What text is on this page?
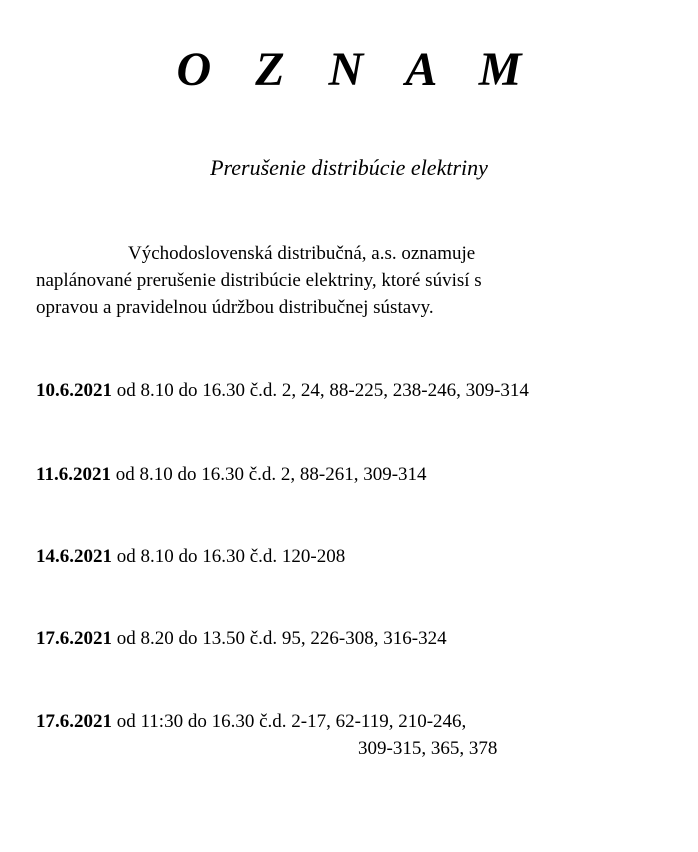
O Z N A M
Prerušenie distribúcie elektriny
Východoslovenská distribučná, a.s. oznamuje
naplánované prerušenie distribúcie elektriny, ktoré súvisí s
opravou a pravidelnou údržbou distribučnej sústavy.
10.6.2021 od 8.10 do 16.30 č.d. 2, 24, 88-225, 238-246, 309-314
11.6.2021 od 8.10 do 16.30 č.d. 2, 88-261, 309-314
14.6.2021 od 8.10 do 16.30 č.d. 120-208
17.6.2021 od 8.20 do 13.50 č.d. 95, 226-308, 316-324
17.6.2021 od 11:30 do 16.30 č.d. 2-17, 62-119, 210-246,
309-315, 365, 378
